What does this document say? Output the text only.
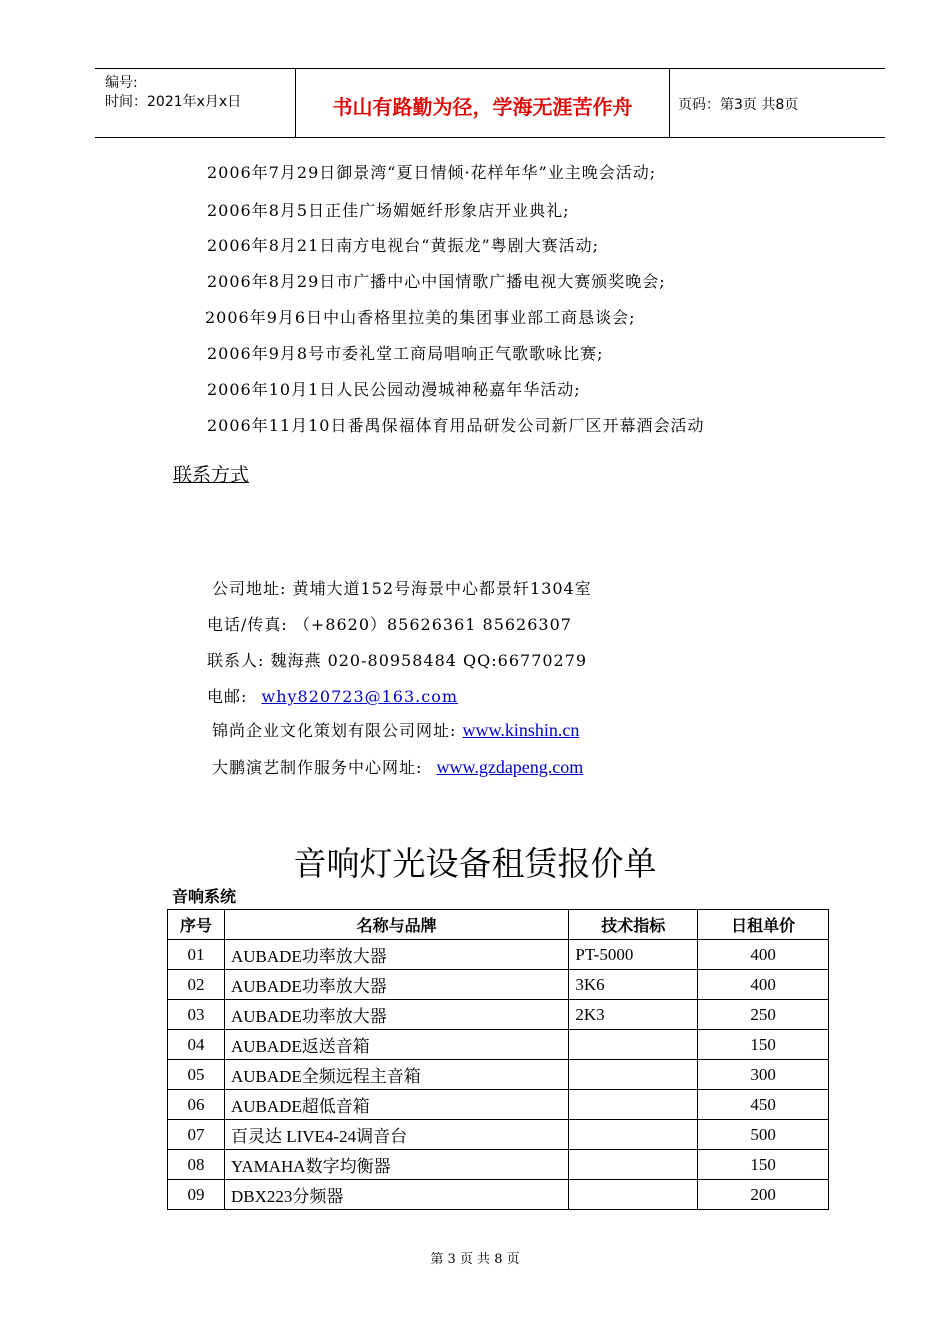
编号:
时间：2021年x月x日	书山有路勤为径，学海无涯苦作舟	页码：第3页 共8页
2006年7月29日御景湾“夏日情倾·花样年华”业主晚会活动;
2006年8月5日正佳广场媚姬纤形象店开业典礼;
2006年8月21日南方电视台“黄振龙”粤剧大赛活动;
2006年8月29日市广播中心中国情歌广播电视大赛颁奖晚会;
2006年9月6日中山香格里拉美的集团事业部工商恳谈会;
2006年9月8号市委礼堂工商局唱响正气歌歌咏比赛;
2006年10月1日人民公园动漫城神秘嘉年华活动;
2006年11月10日番禺保福体育用品研发公司新厂区开幕酒会活动
联系方式
公司地址: 黄埔大道152号海景中心都景轩1304室
电话/传真: （+8620）85626361 85626307
联系人: 魏海燕 020-80958484 QQ:66770279
电邮: why820723@163.com
锦尚企业文化策划有限公司网址: www.kinshin.cn
大鹏演艺制作服务中心网址: www.gzdapeng.com
音响灯光设备租赁报价单
音响系统
序号	名称与品牌	技术指标	日租单价
01	AUBADE功率放大器	PT-5000	400
02	AUBADE功率放大器	3K6	400
03	AUBADE功率放大器	2K3	250
04	AUBADE返送音箱		150
05	AUBADE全频远程主音箱		300
06	AUBADE超低音箱		450
07	百灵达 LIVE4-24调音台		500
08	YAMAHA数字均衡器		150
09	DBX223分频器		200
第 3 页 共 8 页
